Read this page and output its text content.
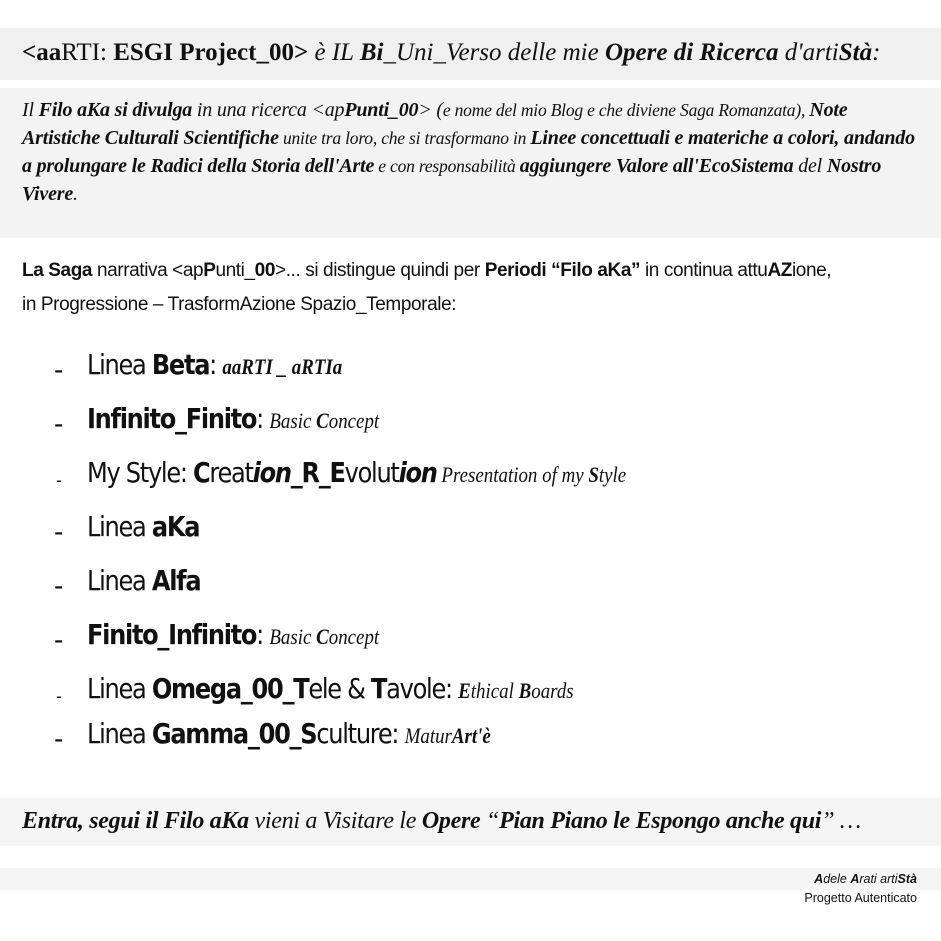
<aaRTI: ESGI Project_00> è IL Bi_Uni_Verso delle mie Opere di Ricerca d'artiStà:

Il Filo aKa si divulga in una ricerca <apPunti_00> (e nome del mio Blog e che diviene Saga Romanzata), Note Artistiche Culturali Scientifiche unite tra loro, che si trasformano in Linee concettuali e materiche a colori, andando a prolungare le Radici della Storia dell'Arte e con responsabilità aggiungere Valore all'EcoSistema del Nostro Vivere.

La Saga narrativa <apPunti_00>... si distingue quindi per Periodi “Filo aKa” in continua attuAZione,
in Progressione – TrasformAzione Spazio_Temporale:

- Linea Beta: aaRTI _ aRTIa
- Infinito_Finito: Basic Concept
- My Style: Creation_R_Evolution Presentation of my Style
- Linea aKa
- Linea Alfa
- Finito_Infinito: Basic Concept
- Linea Omega_00_Tele & Tavole: Ethical Boards
- Linea Gamma_00_Sculture: MaturArt'è

Entra, segui il Filo aKa vieni a Visitare le Opere “Pian Piano le Espongo anche qui” …

Adele Arati artiStà
Progetto Autenticato
